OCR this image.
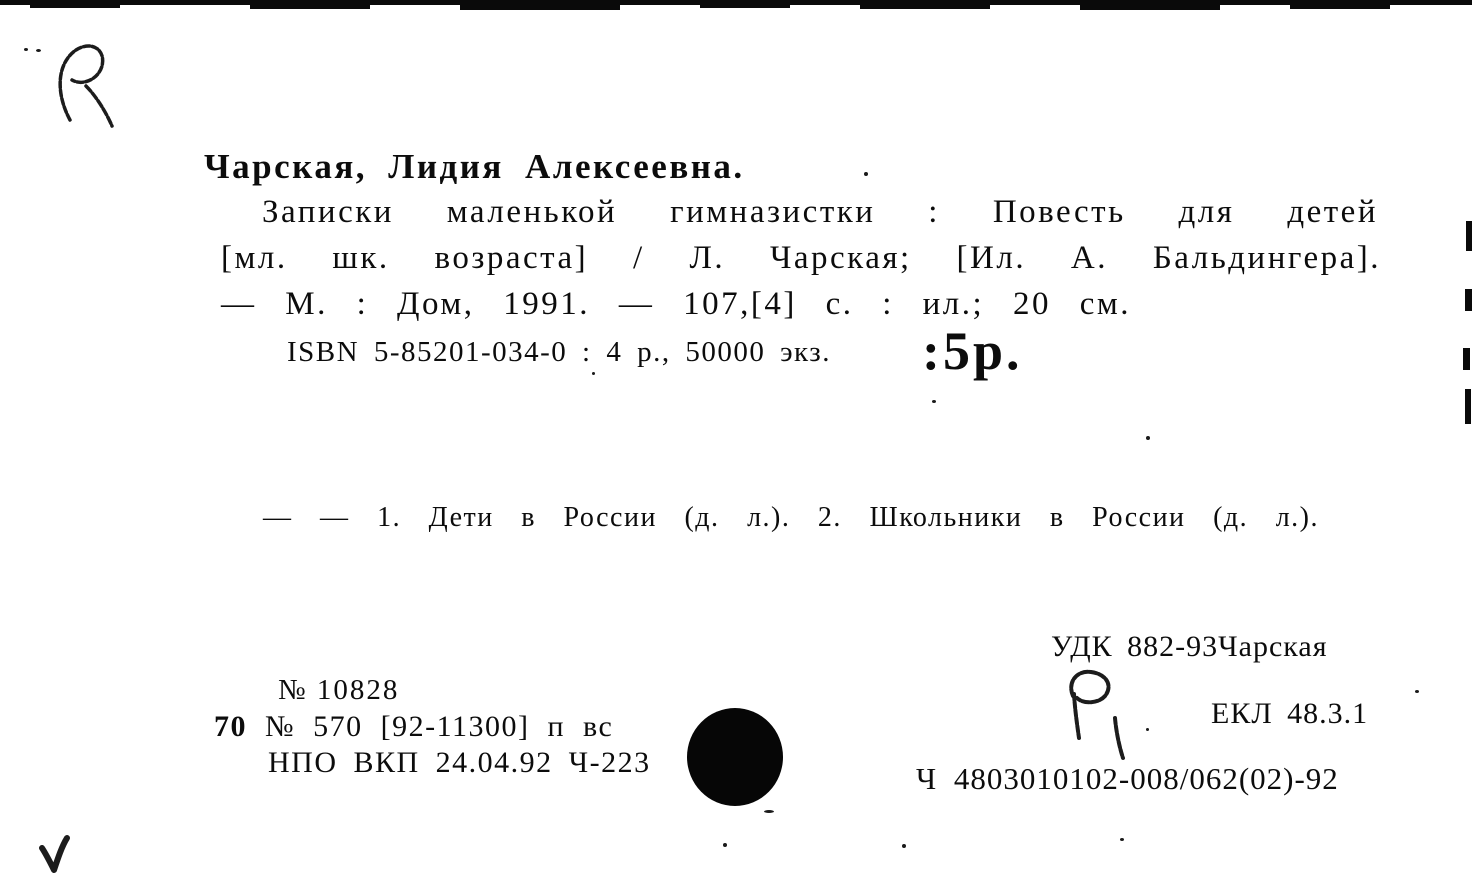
Чарская, Лидия Алексеевна.
Записки маленькой гимназистки : Повесть для детей
[мл. шк. возраста] / Л. Чарская; [Ил. А. Бальдингера].
— М. : Дом, 1991. — 107,[4] с. : ил.; 20 см.
ISBN 5-85201-034-0 : 4 р., 50000 экз. :5р.
— — 1. Дети в России (д. л.). 2. Школьники в России (д. л.).
№ 10828
70 № 570 [92-11300] п вс
НПО ВКП 24.04.92 Ч-223
УДК 882-93Чарская
ЕКЛ 48.3.1
Ч 4803010102-008/062(02)-92
